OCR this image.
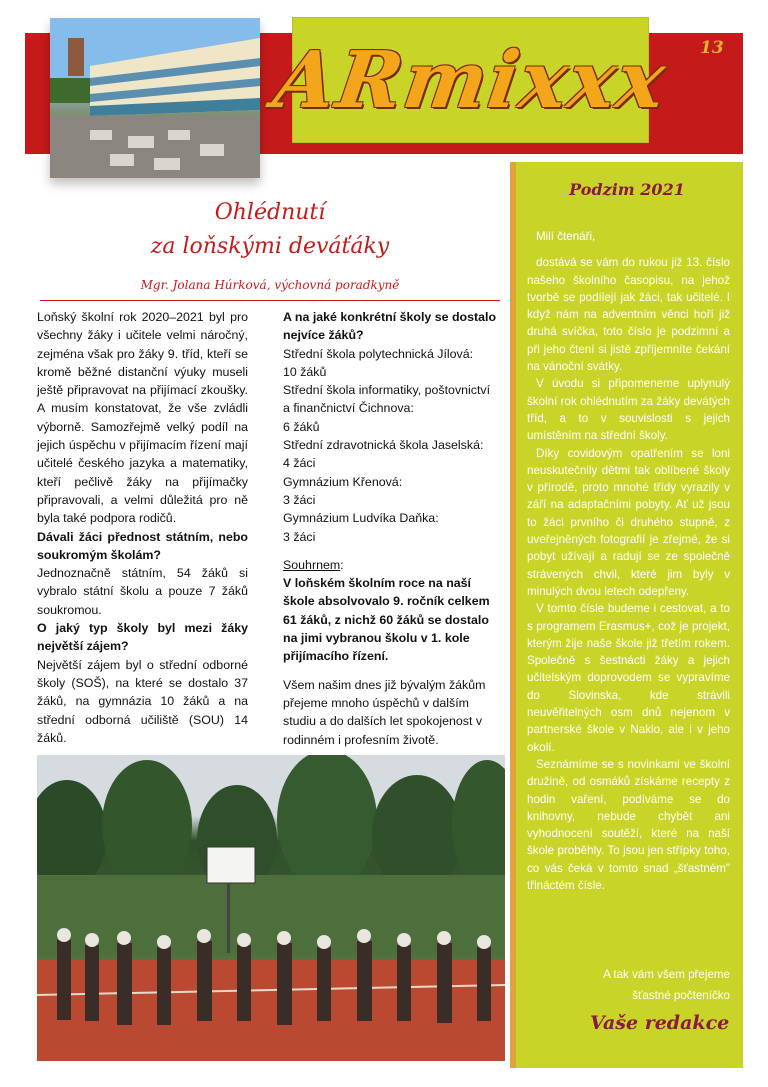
ARmixxx 13
Ohlédnutí
za loňskými deváťáky
Mgr. Jolana Húrková, výchovná poradkyně

Loňský školní rok 2020–2021 byl pro všechny žáky i učitele velmi náročný, zejména však pro žáky 9. tříd, kteří se kromě běžné distanční výuky museli ještě připravovat na přijímací zkoušky. A musím konstatovat, že vše zvládli výborně. Samozřejmě velký podíl na jejich úspěchu v přijímacím řízení mají učitelé českého jazyka a matematiky, kteří pečlivě žáky na přijímačky připravovali, a velmi důležitá pro ně byla také podpora rodičů.

Dávali žáci přednost státním, nebo soukromým školám?

Jednoznačně státním, 54 žáků si vybralo státní školu a pouze 7 žáků soukromou.

O jaký typ školy byl mezi žáky největší zájem?

Největší zájem byl o střední odborné školy (SOŠ), na které se dostalo 37 žáků, na gymnázia 10 žáků a na střední odborná učiliště (SOU) 14 žáků.

A na jaké konkrétní školy se dostalo nejvíce žáků?

Střední škola polytechnická Jílová:

10 žáků

Střední škola informatiky, poštovnictví a finančnictví Čichnova:

6 žáků

Střední zdravotnická škola Jaselská:

4 žáci

Gymnázium Křenová:

3 žáci

Gymnázium Ludvíka Daňka:

3 žáci

Souhrnem:

V loňském školním roce na naší škole absolvovalo 9. ročník celkem 61 žáků, z nichž 60 žáků se dostalo na jimi vybranou školu v 1. kole přijímacího řízení.

Všem našim dnes již bývalým žákům přejeme mnoho úspěchů v dalším studiu a do dalších let spokojenost v rodinném i profesním životě.

Podzim 2021

Milí čtenáři,

dostává se vám do rukou již 13. číslo našeho školního časopisu, na jehož tvorbě se podílejí jak žáci, tak učitelé. I když nám na adventním věnci hoří již druhá svíčka, toto číslo je podzimní a při jeho čtení si jistě zpříjemníte čekání na vánoční svátky.

V úvodu si připomeneme uplynulý školní rok ohlédnutím za žáky devátých tříd, a to v souvislosti s jejich umístěním na střední školy.

Díky covidovým opatřením se loni neuskutečnily dětmi tak oblíbené školy v přírodě, proto mnohé třídy vyrazily v září na adaptačními pobyty. Ať už jsou to žáci prvního či druhého stupně, z uveřejněných fotografií je zřejmé, že si pobyt užívají a radují se ze společně strávených chvil, které jim byly v minulých dvou letech odepřeny.

V tomto čísle budeme i cestovat, a to s programem Erasmus+, což je projekt, kterým žije naše škole již třetím rokem. Společně s šestnácti žáky a jejich učitelským doprovodem se vypravíme do Slovinska, kde strávili neuvěřitelných osm dnů nejenom v partnerské škole v Naklo, ale i v jeho okolí.

Seznámíme se s novinkami ve školní družině, od osmáků získáme recepty z hodin vaření, podíváme se do knihovny, nebude chybět ani vyhodnocení soutěží, které na naší škole proběhly. To jsou jen střípky toho, co vás čeká v tomto snad „šťastném" třináctém čísle.

A tak vám všem přejeme
šťastné počteníčko
Vaše redakce
